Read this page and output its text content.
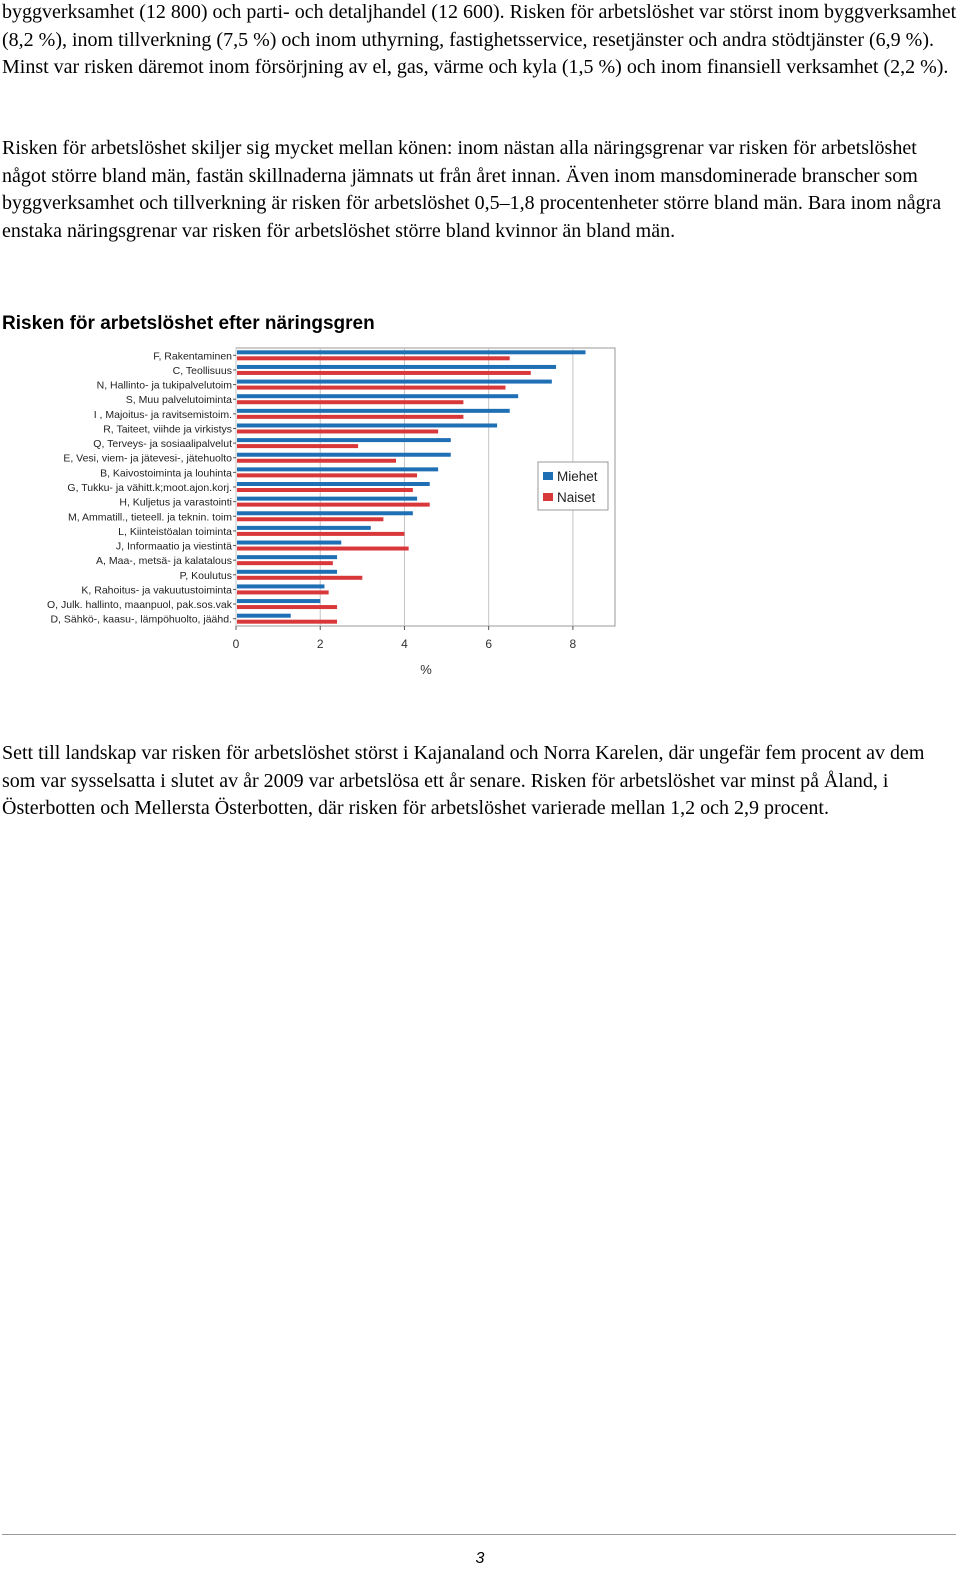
byggverksamhet (12 800) och parti- och detaljhandel (12 600). Risken för arbetslöshet var störst inom byggverksamhet (8,2 %), inom tillverkning (7,5 %) och inom uthyrning, fastighetsservice, resetjänster och andra stödtjänster (6,9 %). Minst var risken däremot inom försörjning av el, gas, värme och kyla (1,5 %) och inom finansiell verksamhet (2,2 %).

Risken för arbetslöshet skiljer sig mycket mellan könen: inom nästan alla näringsgrenar var risken för arbetslöshet något större bland män, fastän skillnaderna jämnats ut från året innan. Även inom mansdominerade branscher som byggverksamhet och tillverkning är risken för arbetslöshet 0,5–1,8 procentenheter större bland män. Bara inom några enstaka näringsgrenar var risken för arbetslöshet större bland kvinnor än bland män.

Risken för arbetslöshet efter näringsgren
0	2	4	6	8
%
F, Rakentaminen
C, Teollisuus
N, Hallinto- ja tukipalvelutoim
S, Muu palvelutoiminta
I , Majoitus- ja ravitsemistoim.
R, Taiteet, viihde ja virkistys
Q, Terveys- ja sosiaalipalvelut
E, Vesi, viem- ja jätevesi-, jätehuolto
B, Kaivostoiminta ja louhinta
G, Tukku- ja vähitt.k;moot.ajon.korj.
H, Kuljetus ja varastointi
M, Ammatill., tieteell. ja teknin. toim
L, Kiinteistöalan toiminta
J, Informaatio ja viestintä
A, Maa-, metsä- ja kalatalous
P, Koulutus
K, Rahoitus- ja vakuutustoiminta
O, Julk. hallinto, maanpuol, pak.sos.vak
D, Sähkö-, kaasu-, lämpöhuolto, jäähd.
Miehet
Naiset

Sett till landskap var risken för arbetslöshet störst i Kajanaland och Norra Karelen, där ungefär fem procent av dem som var sysselsatta i slutet av år 2009 var arbetslösa ett år senare. Risken för arbetslöshet var minst på Åland, i Österbotten och Mellersta Österbotten, där risken för arbetslöshet varierade mellan 1,2 och 2,9 procent.

3
